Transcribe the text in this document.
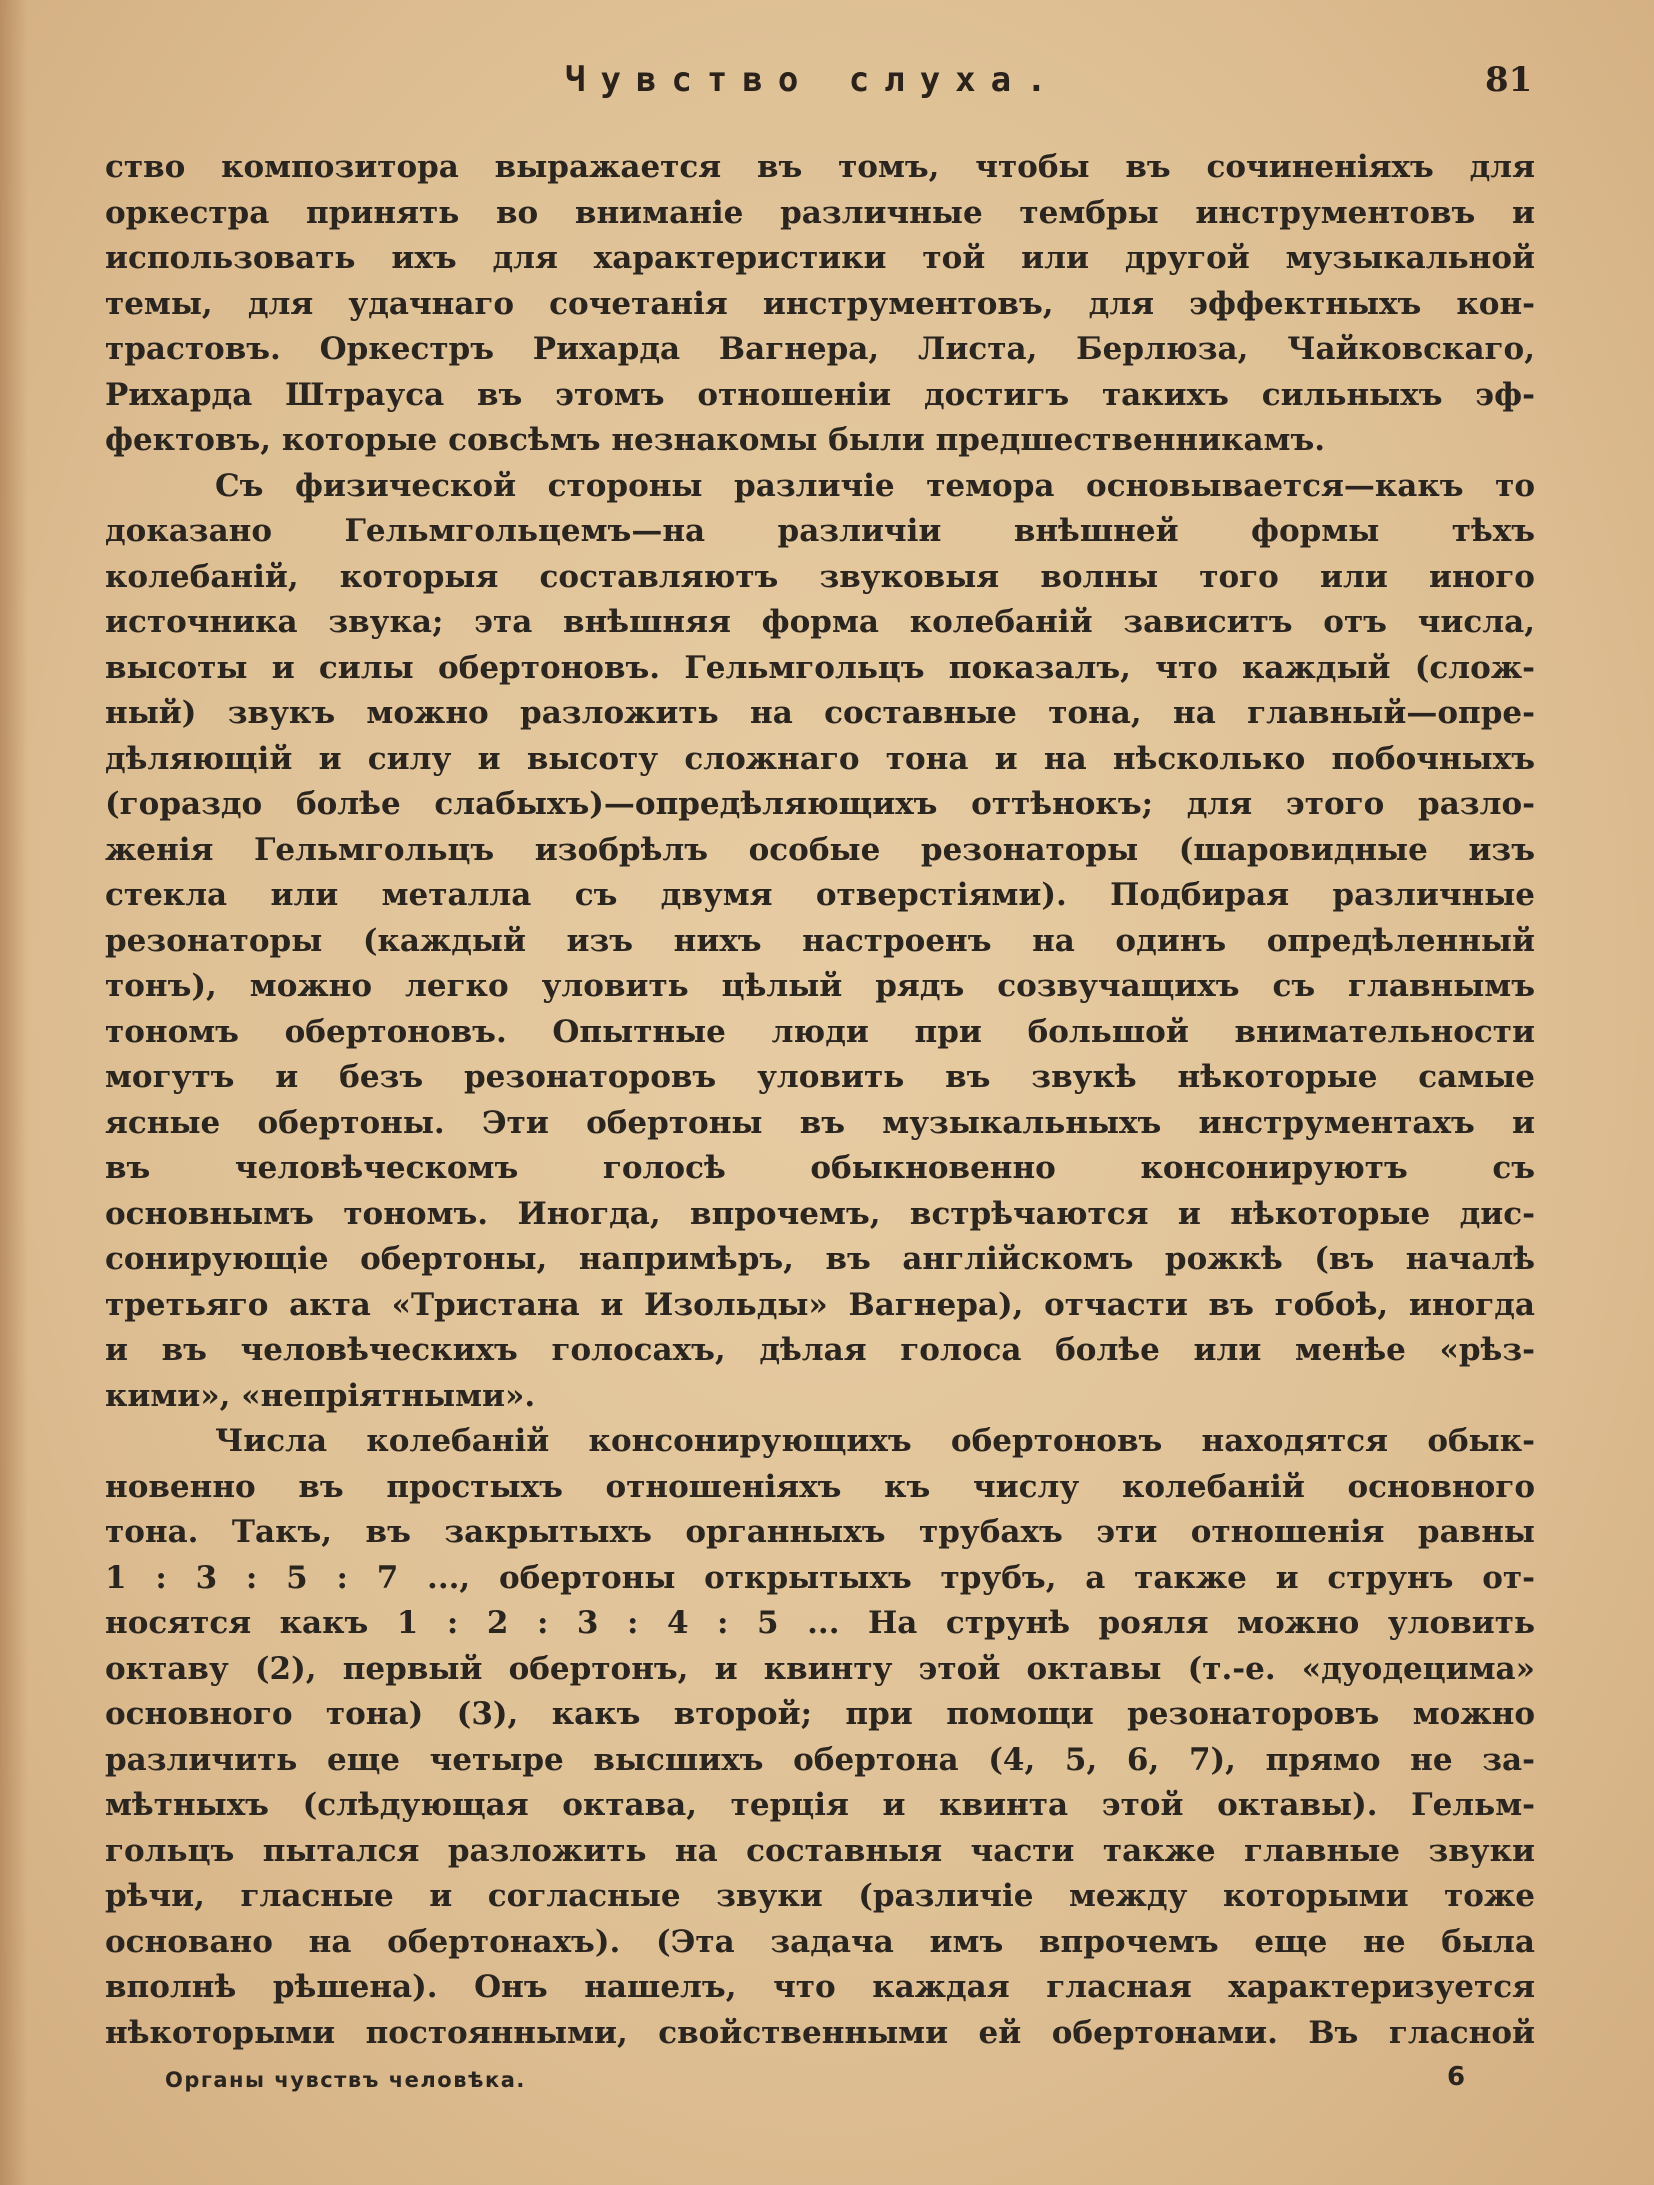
Чувство слуха.	81
ство композитора выражается въ томъ, чтобы въ сочиненіяхъ для
оркестра принять во вниманіе различные тембры инструментовъ и
использовать ихъ для характеристики той или другой музыкальной
темы, для удачнаго сочетанія инструментовъ, для эффектныхъ кон-
трастовъ. Оркестръ Рихарда Вагнера, Листа, Берлюза, Чайковскаго,
Рихарда Штрауса въ этомъ отношеніи достигъ такихъ сильныхъ эф-
фектовъ, которые совсѣмъ незнакомы были предшественникамъ.
Съ физической стороны различіе темора основывается—какъ то
доказано Гельмгольцемъ—на различіи внѣшней формы тѣхъ
колебаній, которыя составляютъ звуковыя волны того или иного
источника звука; эта внѣшняя форма колебаній зависитъ отъ числа,
высоты и силы обертоновъ. Гельмгольцъ показалъ, что каждый (слож-
ный) звукъ можно разложить на составные тона, на главный—опре-
дѣляющій и силу и высоту сложнаго тона и на нѣсколько побочныхъ
(гораздо болѣе слабыхъ)—опредѣляющихъ оттѣнокъ; для этого разло-
женія Гельмгольцъ изобрѣлъ особые резонаторы (шаровидные изъ
стекла или металла съ двумя отверстіями). Подбирая различные
резонаторы (каждый изъ нихъ настроенъ на одинъ опредѣленный
тонъ), можно легко уловить цѣлый рядъ созвучащихъ съ главнымъ
тономъ обертоновъ. Опытные люди при большой внимательности
могутъ и безъ резонаторовъ уловить въ звукѣ нѣкоторые самые
ясные обертоны. Эти обертоны въ музыкальныхъ инструментахъ и
въ человѣческомъ голосѣ обыкновенно консонируютъ съ
основнымъ тономъ. Иногда, впрочемъ, встрѣчаются и нѣкоторые дис-
сонирующіе обертоны, напримѣръ, въ англійскомъ рожкѣ (въ началѣ
третьяго акта «Тристана и Изольды» Вагнера), отчасти въ гобоѣ, иногда
и въ человѣческихъ голосахъ, дѣлая голоса болѣе или менѣе «рѣз-
кими», «непріятными».
Числа колебаній консонирующихъ обертоновъ находятся обык-
новенно въ простыхъ отношеніяхъ къ числу колебаній основного
тона. Такъ, въ закрытыхъ органныхъ трубахъ эти отношенія равны
1 : 3 : 5 : 7 ..., обертоны открытыхъ трубъ, а также и струнъ от-
носятся какъ 1 : 2 : 3 : 4 : 5 ... На струнѣ рояля можно уловить
октаву (2), первый обертонъ, и квинту этой октавы (т.-е. «дуодецима»
основного тона) (3), какъ второй; при помощи резонаторовъ можно
различить еще четыре высшихъ обертона (4, 5, 6, 7), прямо не за-
мѣтныхъ (слѣдующая октава, терція и квинта этой октавы). Гельм-
гольцъ пытался разложить на составныя части также главные звуки
рѣчи, гласные и согласные звуки (различіе между которыми тоже
основано на обертонахъ). (Эта задача имъ впрочемъ еще не была
вполнѣ рѣшена). Онъ нашелъ, что каждая гласная характеризуется
нѣкоторыми постоянными, свойственными ей обертонами. Въ гласной
Органы чувствъ человѣка.	6
